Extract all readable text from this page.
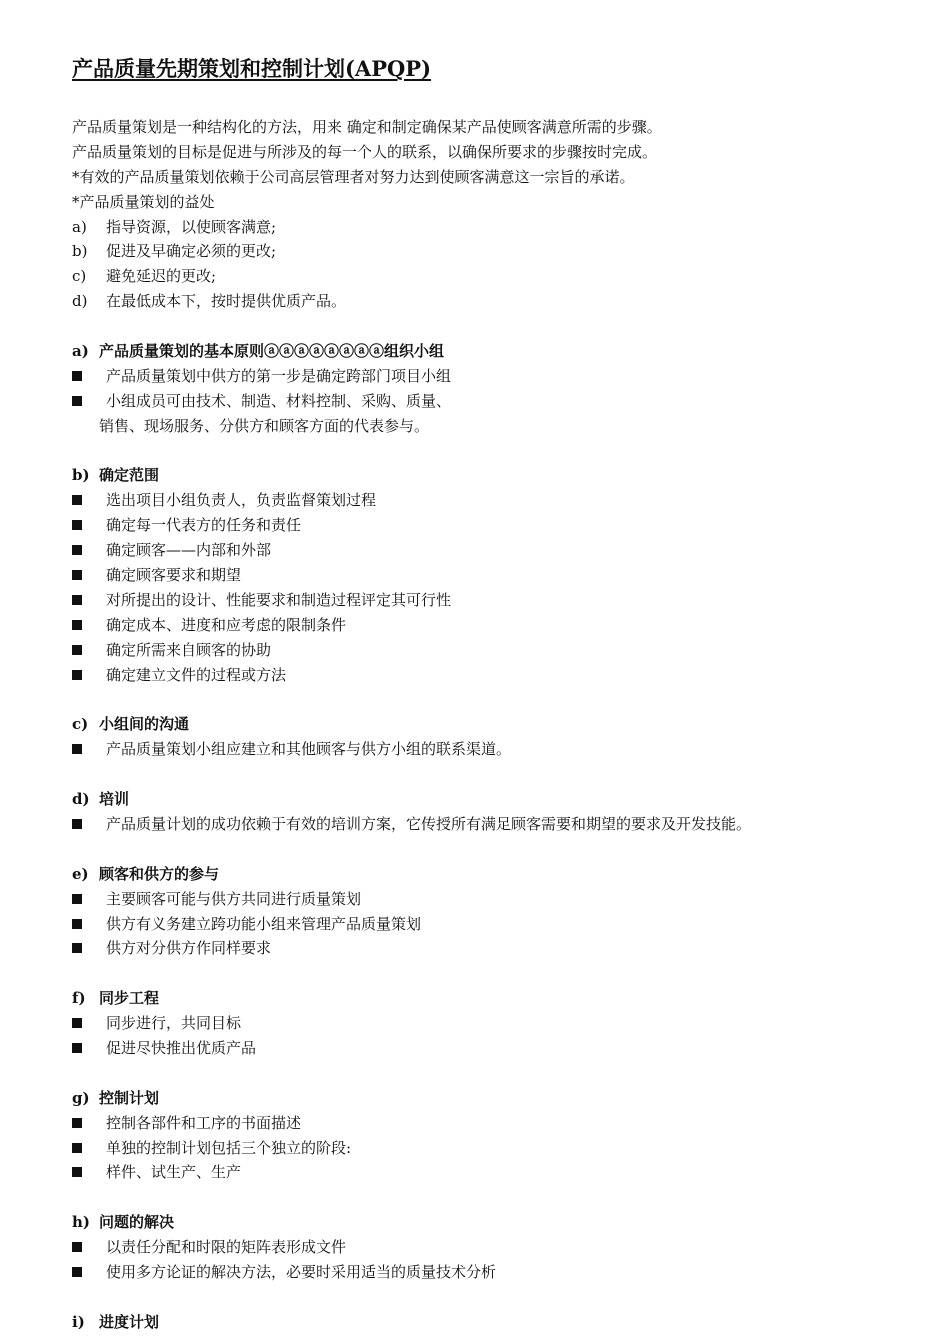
产品质量先期策划和控制计划(APQP)
产品质量策划是一种结构化的方法，用来 确定和制定确保某产品使顾客满意所需的步骤。
产品质量策划的目标是促进与所涉及的每一个人的联系，以确保所要求的步骤按时完成。
*有效的产品质量策划依赖于公司高层管理者对努力达到使顾客满意这一宗旨的承诺。
*产品质量策划的益处
a) 指导资源，以使顾客满意;
b) 促进及早确定必须的更改;
c) 避免延迟的更改;
d) 在最低成本下，按时提供优质产品。
a) 产品质量策划的基本原则ⓐⓐⓐⓐⓐⓐⓐⓐ组织小组
产品质量策划中供方的第一步是确定跨部门项目小组
小组成员可由技术、制造、材料控制、采购、质量、
销售、现场服务、分供方和顾客方面的代表参与。
b) 确定范围
选出项目小组负责人，负责监督策划过程
确定每一代表方的任务和责任
确定顾客——内部和外部
确定顾客要求和期望
对所提出的设计、性能要求和制造过程评定其可行性
确定成本、进度和应考虑的限制条件
确定所需来自顾客的协助
确定建立文件的过程或方法
c) 小组间的沟通
产品质量策划小组应建立和其他顾客与供方小组的联系渠道。
d) 培训
产品质量计划的成功依赖于有效的培训方案，它传授所有满足顾客需要和期望的要求及开发技能。
e) 顾客和供方的参与
主要顾客可能与供方共同进行质量策划
供方有义务建立跨功能小组来管理产品质量策划
供方对分供方作同样要求
f) 同步工程
同步进行，共同目标
促进尽快推出优质产品
g) 控制计划
控制各部件和工序的书面描述
单独的控制计划包括三个独立的阶段:
样件、试生产、生产
h) 问题的解决
以责任分配和时限的矩阵表形成文件
使用多方论证的解决方法，必要时采用适当的质量技术分析
i) 进度计划
